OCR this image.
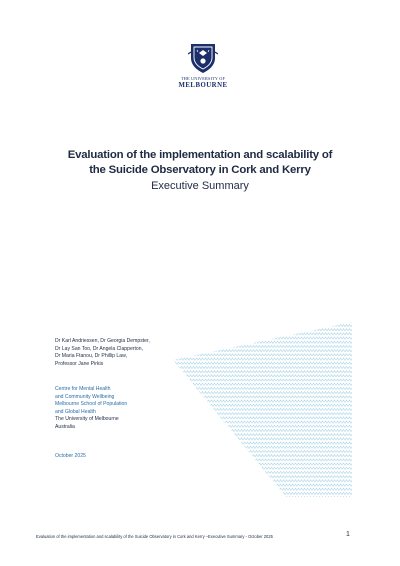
THE UNIVERSITY OF
MELBOURNE
Evaluation of the implementation and scalability of
the Suicide Observatory in Cork and Kerry
Executive Summary
Dr Karl Andriessen, Dr Georgia Dempster,
Dr Lay San Too, Dr Angela Clapperton,
Dr Maria Ftanou, Dr Phillip Law,
Professor Jane Pirkis
Centre for Mental Health
and Community Wellbeing
Melbourne School of Population
and Global Health
The University of Melbourne
Australia
October 2025
Evaluation of the implementation and scalability of the Suicide Observatory in Cork and Kerry –Executive Summary - October 2025	1
